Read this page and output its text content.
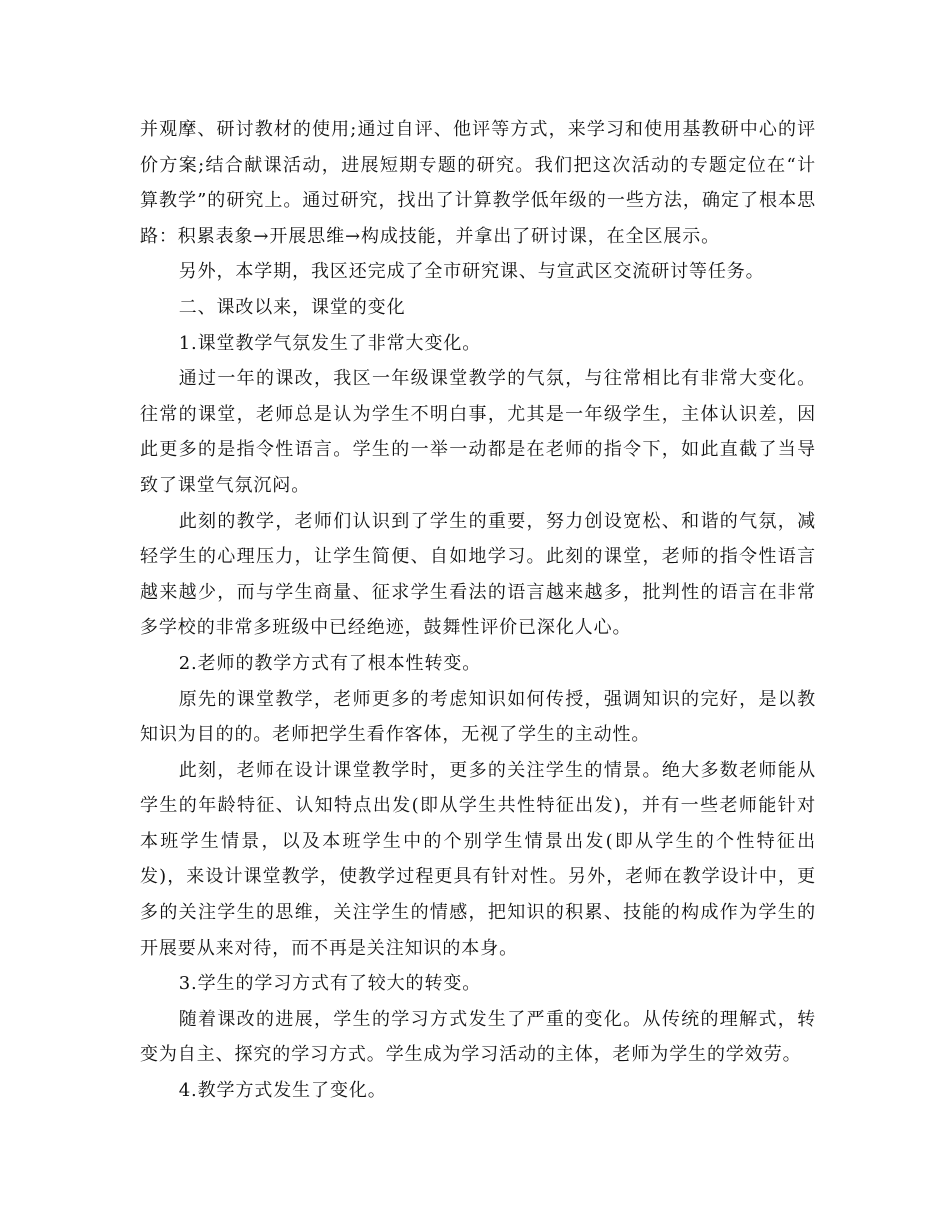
并观摩、研讨教材的使用;通过自评、他评等方式，来学习和使用基教研中心的评价方案;结合献课活动，进展短期专题的研究。我们把这次活动的专题定位在“计算教学”的研究上。通过研究，找出了计算教学低年级的一些方法，确定了根本思路：积累表象→开展思维→构成技能，并拿出了研讨课，在全区展示。

另外，本学期，我区还完成了全市研究课、与宣武区交流研讨等任务。

二、课改以来，课堂的变化

1.课堂教学气氛发生了非常大变化。

通过一年的课改，我区一年级课堂教学的气氛，与往常相比有非常大变化。往常的课堂，老师总是认为学生不明白事，尤其是一年级学生，主体认识差，因此更多的是指令性语言。学生的一举一动都是在老师的指令下，如此直截了当导致了课堂气氛沉闷。

此刻的教学，老师们认识到了学生的重要，努力创设宽松、和谐的气氛，减轻学生的心理压力，让学生简便、自如地学习。此刻的课堂，老师的指令性语言越来越少，而与学生商量、征求学生看法的语言越来越多，批判性的语言在非常多学校的非常多班级中已经绝迹，鼓舞性评价已深化人心。

2.老师的教学方式有了根本性转变。

原先的课堂教学，老师更多的考虑知识如何传授，强调知识的完好，是以教知识为目的的。老师把学生看作客体，无视了学生的主动性。

此刻，老师在设计课堂教学时，更多的关注学生的情景。绝大多数老师能从学生的年龄特征、认知特点出发(即从学生共性特征出发)，并有一些老师能针对本班学生情景，以及本班学生中的个别学生情景出发(即从学生的个性特征出发)，来设计课堂教学，使教学过程更具有针对性。另外，老师在教学设计中，更多的关注学生的思维，关注学生的情感，把知识的积累、技能的构成作为学生的开展要从来对待，而不再是关注知识的本身。

3.学生的学习方式有了较大的转变。

随着课改的进展，学生的学习方式发生了严重的变化。从传统的理解式，转变为自主、探究的学习方式。学生成为学习活动的主体，老师为学生的学效劳。

4.教学方式发生了变化。
